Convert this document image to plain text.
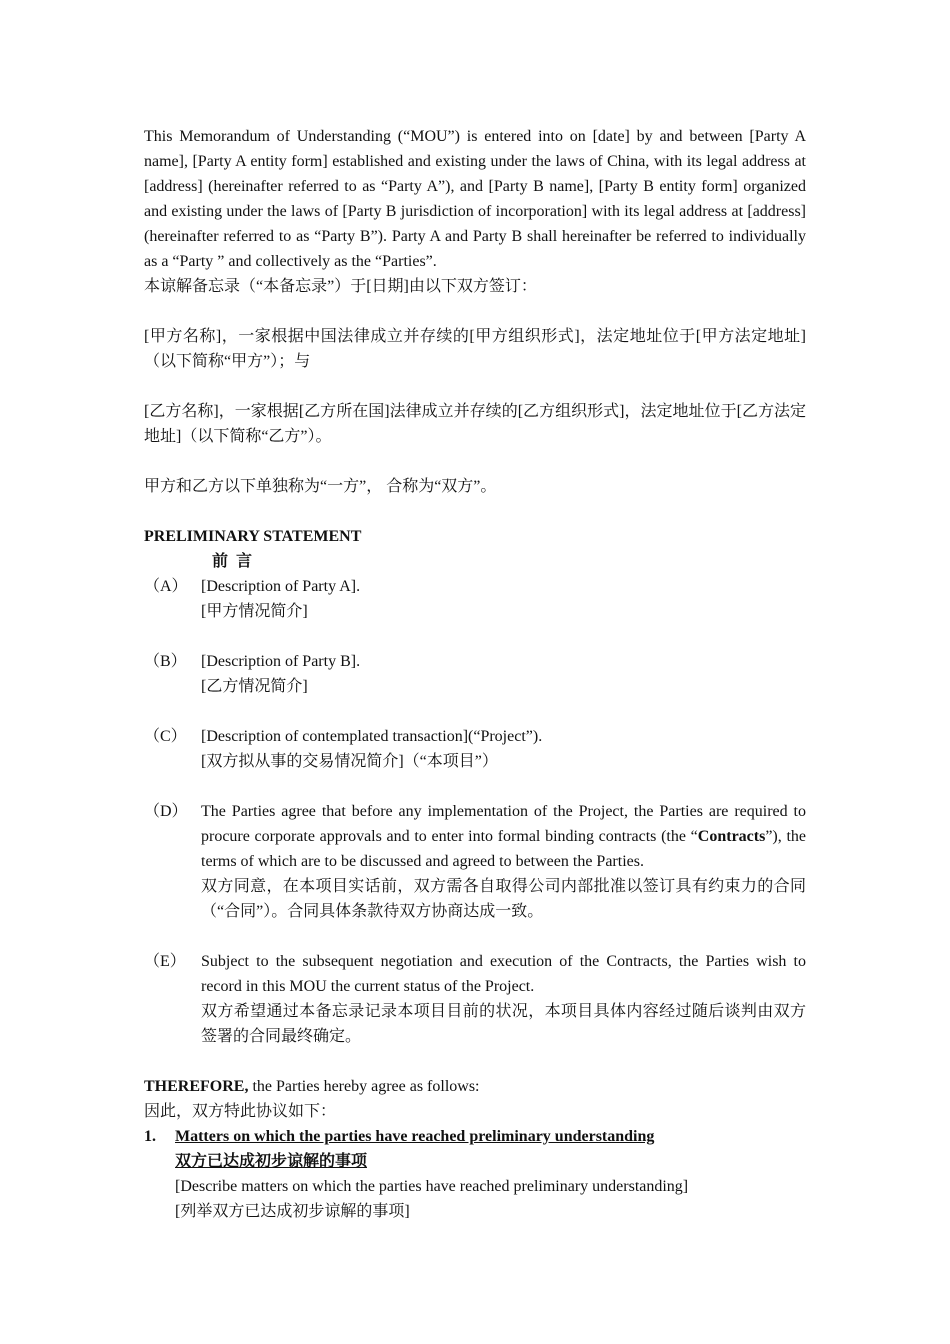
This Memorandum of Understanding (“MOU”) is entered into on [date] by and between [Party A name], [Party A entity form] established and existing under the laws of China, with its legal address at [address] (hereinafter referred to as “Party A”), and [Party B name], [Party B entity form] organized and existing under the laws of [Party B jurisdiction of incorporation] with its legal address at [address] (hereinafter referred to as “Party B”). Party A and Party B shall hereinafter be referred to individually as a “Party ” and collectively as the “Parties”.

本谅解备忘录（“本备忘录”）于[日期]由以下双方签订：

[甲方名称]，一家根据中国法律成立并存续的[甲方组织形式]，法定地址位于[甲方法定地址]（以下简称“甲方”）；与

[乙方名称]，一家根据[乙方所在国]法律成立并存续的[乙方组织形式]，法定地址位于[乙方法定地址]（以下简称“乙方”）。

甲方和乙方以下单独称为“一方”， 合称为“双方”。

PRELIMINARY STATEMENT

前 言

（A） [Description of Party A].

[甲方情况简介]

（B） [Description of Party B].

[乙方情况简介]

（C） [Description of contemplated transaction](“Project”).

[双方拟从事的交易情况简介]（“本项目”）

（D） The Parties agree that before any implementation of the Project, the Parties are required to procure corporate approvals and to enter into formal binding contracts (the “Contracts”), the terms of which are to be discussed and agreed to between the Parties.

双方同意，在本项目实话前，双方需各自取得公司内部批准以签订具有约束力的合同（“合同”）。合同具体条款待双方协商达成一致。

（E） Subject to the subsequent negotiation and execution of the Contracts, the Parties wish to record in this MOU the current status of the Project.

双方希望通过本备忘录记录本项目目前的状况，本项目具体内容经过随后谈判由双方签署的合同最终确定。

THEREFORE, the Parties hereby agree as follows:

因此，双方特此协议如下：

1.	Matters on which the parties have reached preliminary understanding

双方已达成初步谅解的事项

[Describe matters on which the parties have reached preliminary understanding]

[列举双方已达成初步谅解的事项]
